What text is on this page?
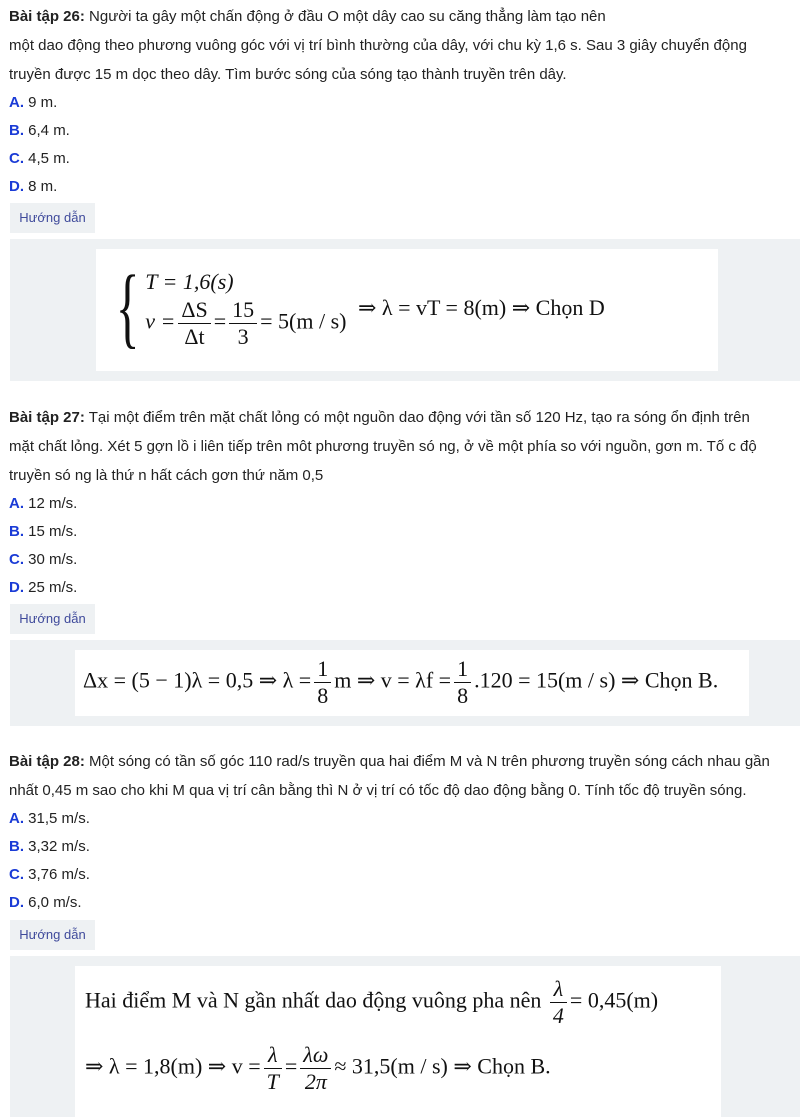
Bài tập 26: Người ta gây một chấn động ở đầu O một dây cao su căng thẳng làm tạo nên
một dao động theo phương vuông góc với vị trí bình thường của dây, với chu kỳ 1,6 s. Sau 3 giây chuyển động
truyền được 15 m dọc theo dây. Tìm bước sóng của sóng tạo thành truyền trên dây.

A. 9 m.
B. 6,4 m.
C. 4,5 m.
D. 8 m.
Hướng dẫn
{ T = 1,6(s)
$v = \frac{\Delta S}{\Delta t} = \frac{15}{3} = 5(m / s)$
⇒ λ = vT = 8(m) ⇒ Chọn D

Bài tập 27: Tại một điểm trên mặt chất lỏng có một nguồn dao động với tần số 120 Hz, tạo ra sóng ổn định trên
mặt chất lỏng. Xét 5 gợn lồ i liên tiếp trên môt phương truyền só ng, ở về một phía so với nguồn, gơn m. Tố c độ
truyền só ng là thứ n hất cách gơn thứ năm 0,5

A. 12 m/s.
B. 15 m/s.
C. 30 m/s.
D. 25 m/s.
Hướng dẫn
Δx = (5 − 1)λ = 0,5 ⇒ $\lambda = \frac{1}{8}$ m ⇒ $v = \lambda f = \frac{1}{8} .120 = 15(m / s)$ ⇒ Chọn B.

Bài tập 28: Một sóng có tần số góc 110 rad/s truyền qua hai điểm M và N trên phương truyền sóng cách nhau gần
nhất 0,45 m sao cho khi M qua vị trí cân bằng thì N ở vị trí có tốc độ dao động bằng 0. Tính tốc độ truyền sóng.

A. 31,5 m/s.
B. 3,32 m/s.
C. 3,76 m/s.
D. 6,0 m/s.
Hướng dẫn
Hai điểm M và N gần nhất dao động vuông pha nên $\frac{\lambda}{4} = 0,45(m)$
⇒ λ = 1,8(m) ⇒ $v = \frac{\lambda}{T} = \frac{\lambda\omega}{2\pi} \approx 31,5(m / s)$ ⇒ Chọn B.
